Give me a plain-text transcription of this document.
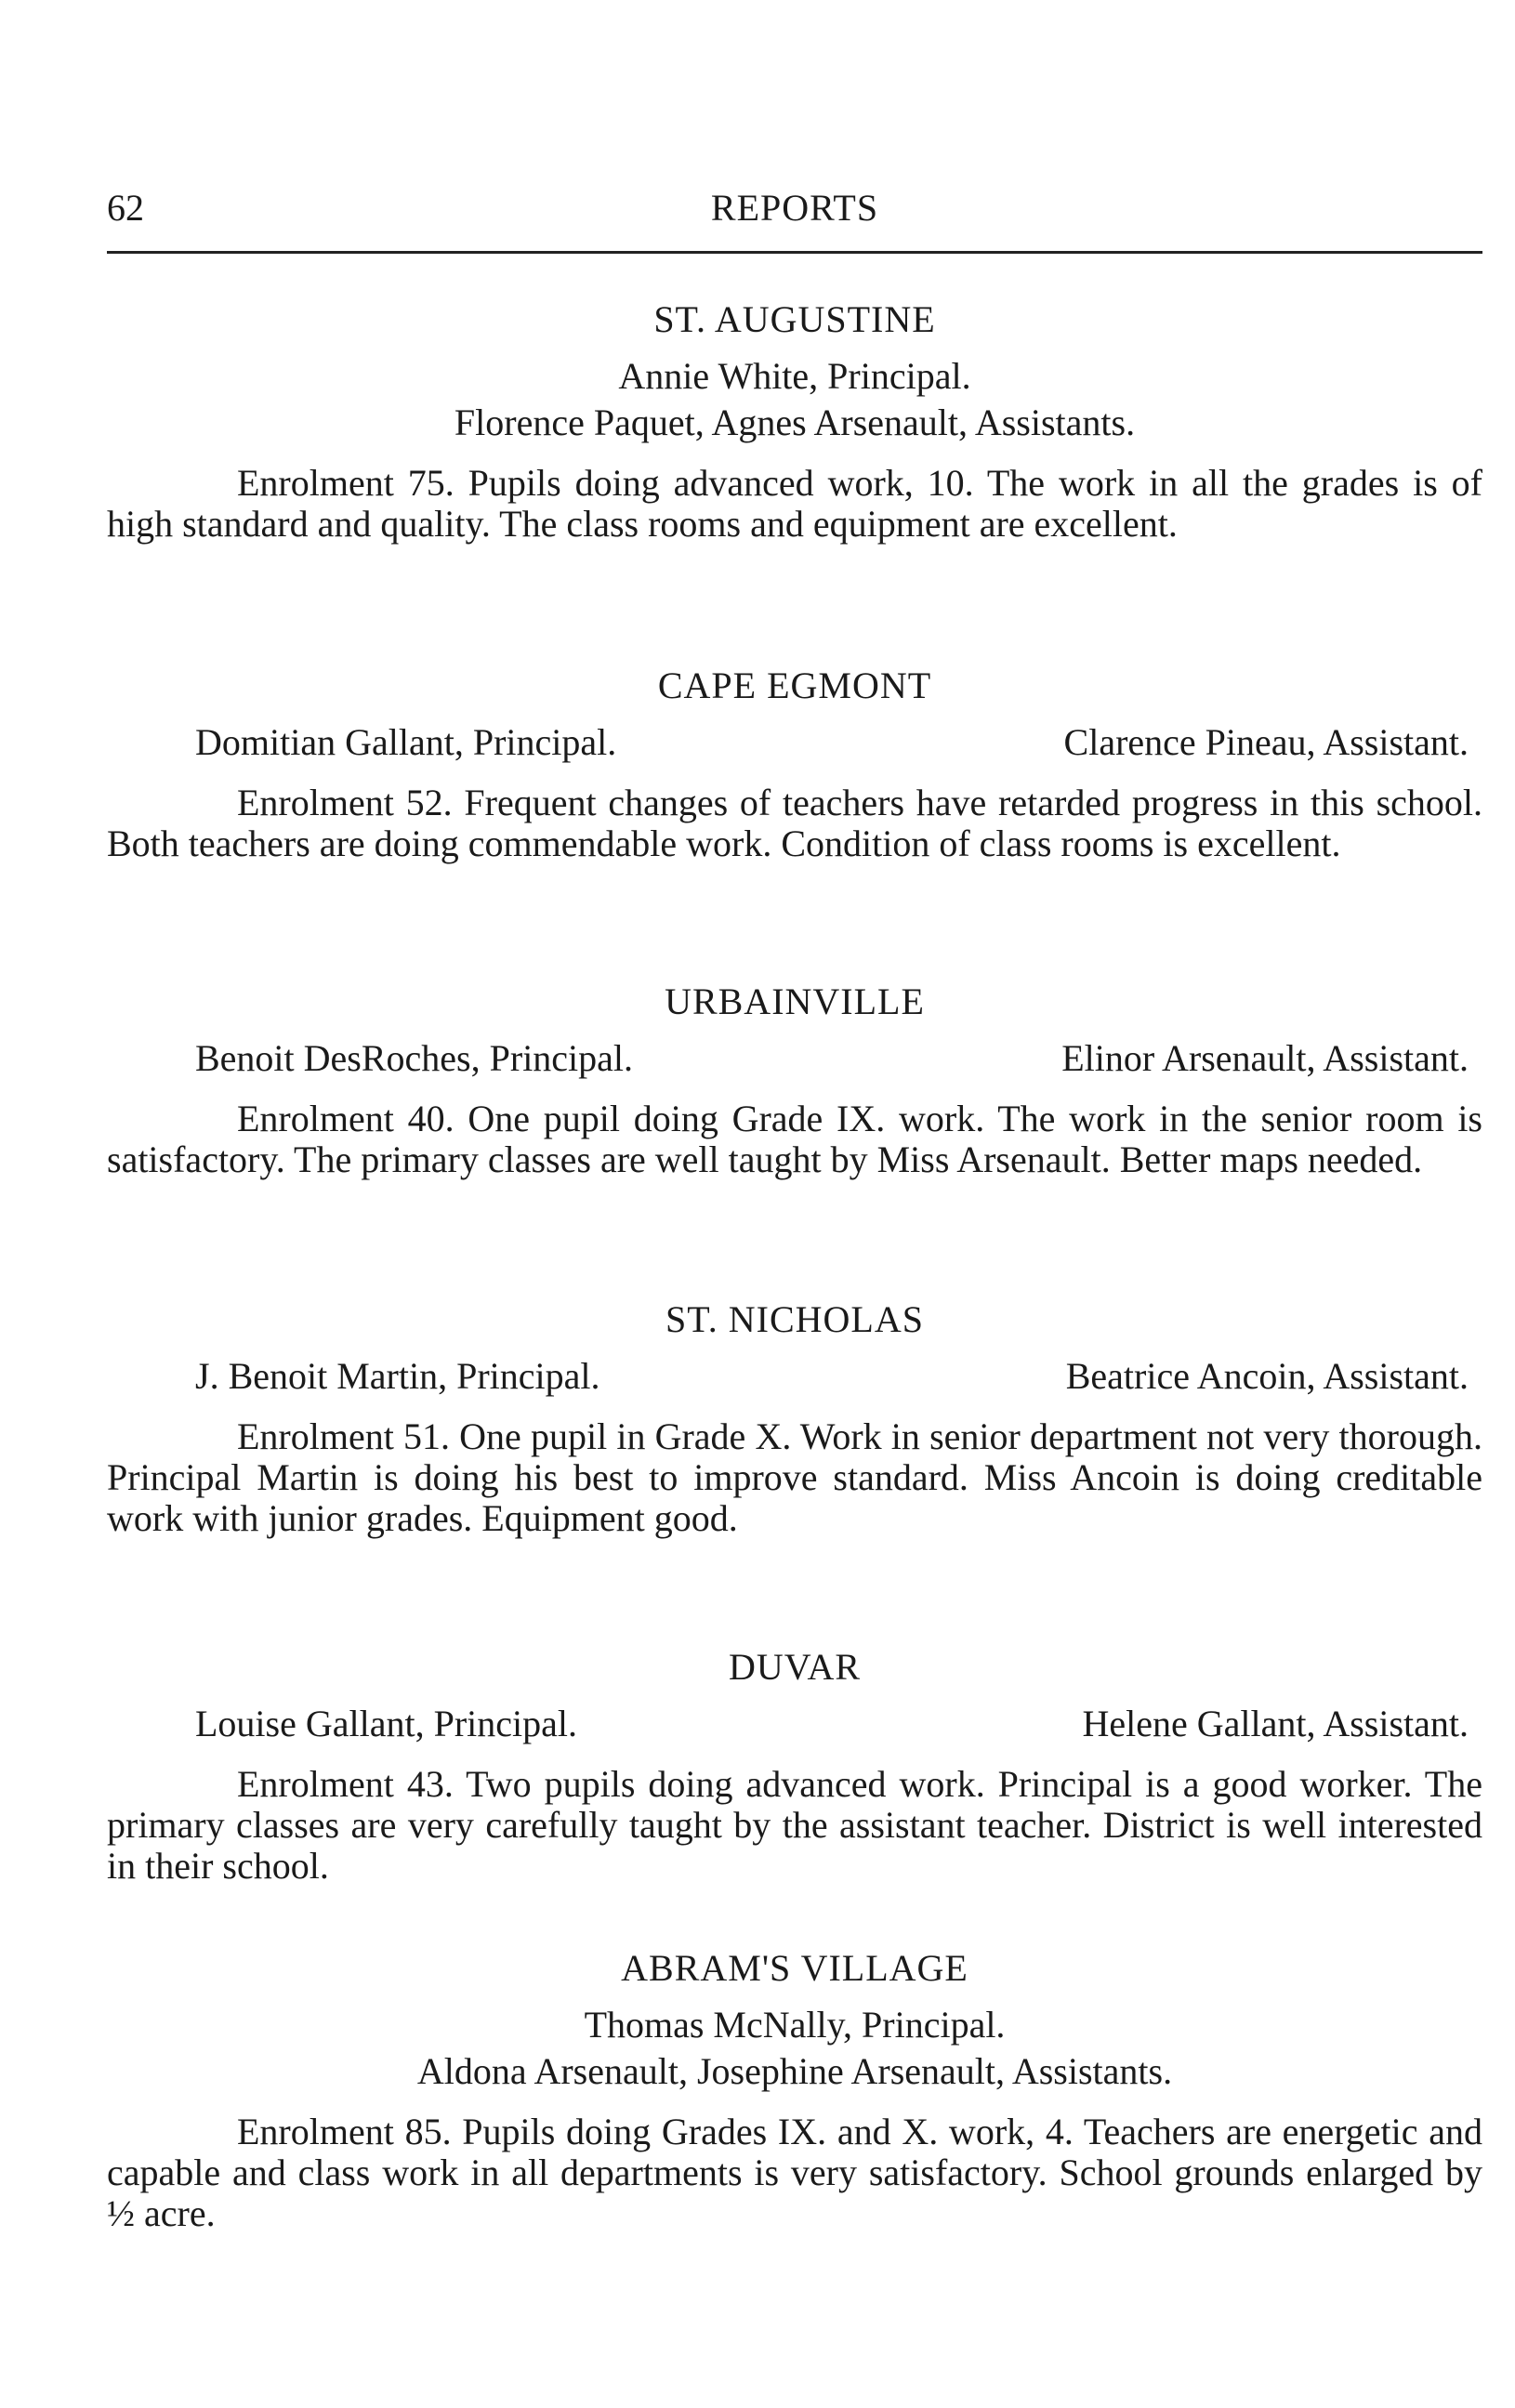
62	REPORTS
ST. AUGUSTINE
Annie White, Principal.
Florence Paquet, Agnes Arsenault, Assistants.

Enrolment 75. Pupils doing advanced work, 10. The work in all the grades is of high standard and quality. The class rooms and equipment are excellent.

CAPE EGMONT
Domitian Gallant, Principal.	Clarence Pineau, Assistant.

Enrolment 52. Frequent changes of teachers have retarded progress in this school. Both teachers are doing commendable work. Condition of class rooms is excellent.

URBAINVILLE
Benoit DesRoches, Principal.	Elinor Arsenault, Assistant.

Enrolment 40. One pupil doing Grade IX. work. The work in the senior room is satisfactory. The primary classes are well taught by Miss Arsenault. Better maps needed.

ST. NICHOLAS
J. Benoit Martin, Principal.	Beatrice Ancoin, Assistant.

Enrolment 51. One pupil in Grade X. Work in senior department not very thorough. Principal Martin is doing his best to improve standard. Miss Ancoin is doing creditable work with junior grades. Equipment good.

DUVAR
Louise Gallant, Principal.	Helene Gallant, Assistant.

Enrolment 43. Two pupils doing advanced work. Principal is a good worker. The primary classes are very carefully taught by the assistant teacher. District is well interested in their school.

ABRAM'S VILLAGE
Thomas McNally, Principal.
Aldona Arsenault, Josephine Arsenault, Assistants.

Enrolment 85. Pupils doing Grades IX. and X. work, 4. Teachers are energetic and capable and class work in all departments is very satisfactory. School grounds enlarged by ½ acre.
